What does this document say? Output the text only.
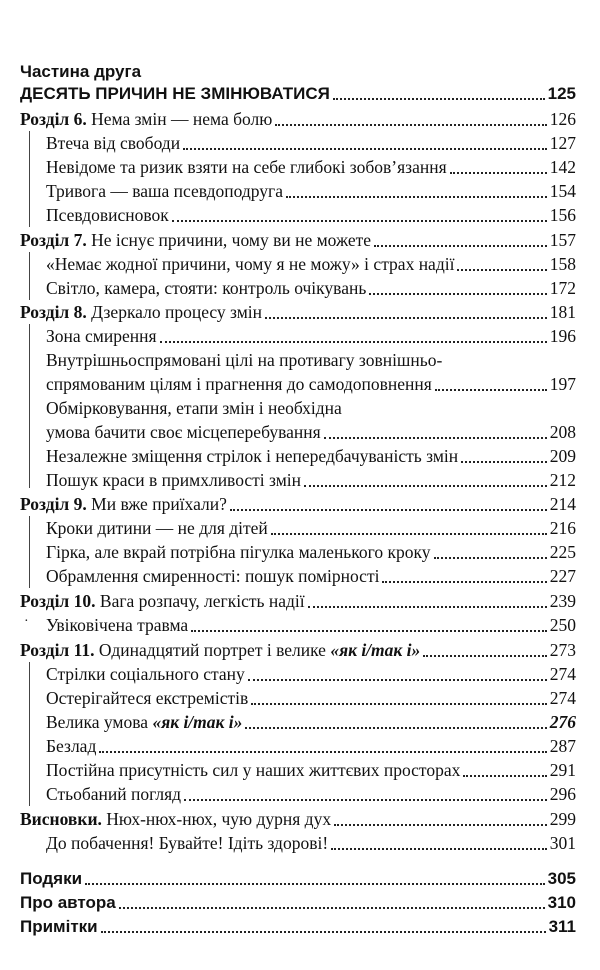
Частина друга
ДЕСЯТЬ ПРИЧИН НЕ ЗМІНЮВАТИСЯ	125
Розділ 6. Нема змін — нема болю	126
Втеча від свободи	127
Невідоме та ризик взяти на себе глибокі зобов’язання	142
Тривога — ваша псевдоподруга	154
Псевдовисновок	156
Розділ 7. Не існує причини, чому ви не можете	157
«Немає жодної причини, чому я не можу» і страх надії	158
Світло, камера, стояти: контроль очікувань	172
Розділ 8. Дзеркало процесу змін	181
Зона смирення	196
Внутрішньоспрямовані цілі на противагу зовнішньо-
спрямованим цілям і прагнення до самодоповнення	197
Обмірковування, етапи змін і необхідна
умова бачити своє місцеперебування	208
Незалежне зміщення стрілок і непередбачуваність змін	209
Пошук краси в примхливості змін	212
Розділ 9. Ми вже приїхали?	214
Кроки дитини — не для дітей	216
Гірка, але вкрай потрібна пігулка маленького кроку	225
Обрамлення смиренності: пошук помірності	227
Розділ 10. Вага розпачу, легкість надії	239
· Увіковічена травма	250
Розділ 11. Одинадцятий портрет і велике «як і/так і»	273
Стрілки соціального стану	274
Остерігайтеся екстремістів	274
Велика умова «як і/так і»	276
Безлад	287
Постійна присутність сил у наших життєвих просторах	291
Стьобаний погляд	296
Висновки. Нюх-нюх-нюх, чую дурня дух	299
До побачення! Бувайте! Ідіть здорові!	301
Подяки	305
Про автора	310
Примітки	311
